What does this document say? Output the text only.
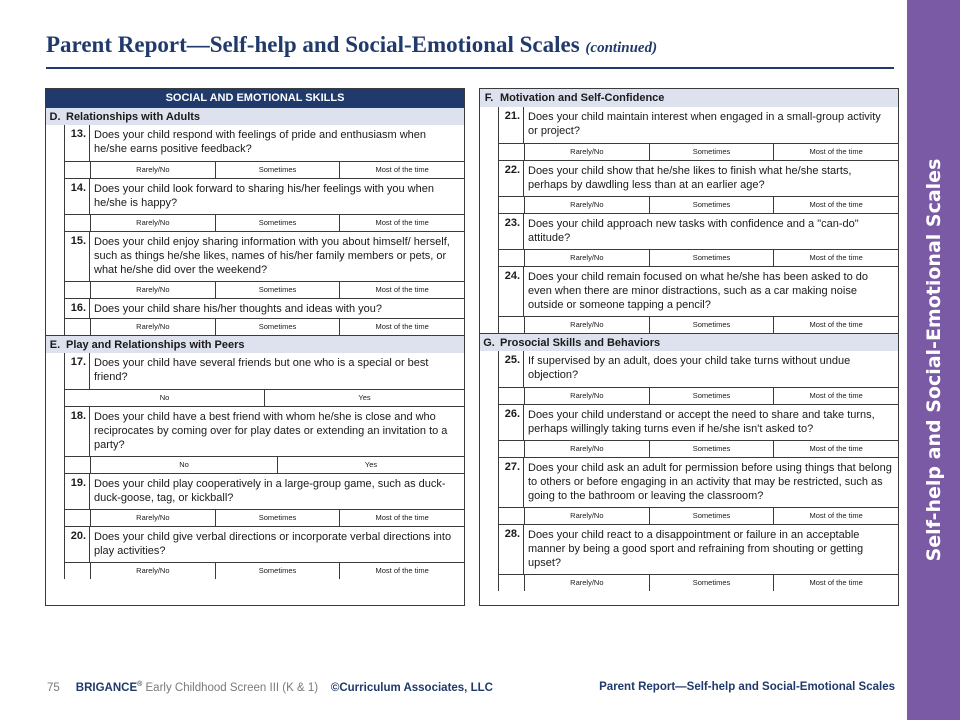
Parent Report—Self-help and Social-Emotional Scales (continued)
Self-help and Social-Emotional Scales
SOCIAL AND EMOTIONAL SKILLS
D. Relationships with Adults
13. Does your child respond with feelings of pride and enthusiasm when he/she earns positive feedback?
Rarely/No	Sometimes	Most of the time
14. Does your child look forward to sharing his/her feelings with you when he/she is happy?
Rarely/No	Sometimes	Most of the time
15. Does your child enjoy sharing information with you about himself/ herself, such as things he/she likes, names of his/her family members or pets, or what he/she did over the weekend?
Rarely/No	Sometimes	Most of the time
16. Does your child share his/her thoughts and ideas with you?
Rarely/No	Sometimes	Most of the time
E. Play and Relationships with Peers
17. Does your child have several friends but one who is a special or best friend?
No	Yes
18. Does your child have a best friend with whom he/she is close and who reciprocates by coming over for play dates or extending an invitation to a party?
No	Yes
19. Does your child play cooperatively in a large-group game, such as duck-duck-goose, tag, or kickball?
Rarely/No	Sometimes	Most of the time
20. Does your child give verbal directions or incorporate verbal directions into play activities?
Rarely/No	Sometimes	Most of the time
F. Motivation and Self-Confidence
21. Does your child maintain interest when engaged in a small-group activity or project?
Rarely/No	Sometimes	Most of the time
22. Does your child show that he/she likes to finish what he/she starts, perhaps by dawdling less than at an earlier age?
Rarely/No	Sometimes	Most of the time
23. Does your child approach new tasks with confidence and a "can-do" attitude?
Rarely/No	Sometimes	Most of the time
24. Does your child remain focused on what he/she has been asked to do even when there are minor distractions, such as a car making noise outside or someone tapping a pencil?
Rarely/No	Sometimes	Most of the time
G. Prosocial Skills and Behaviors
25. If supervised by an adult, does your child take turns without undue objection?
Rarely/No	Sometimes	Most of the time
26. Does your child understand or accept the need to share and take turns, perhaps willingly taking turns even if he/she isn't asked to?
Rarely/No	Sometimes	Most of the time
27. Does your child ask an adult for permission before using things that belong to others or before engaging in an activity that may be restricted, such as going to the bathroom or leaving the classroom?
Rarely/No	Sometimes	Most of the time
28. Does your child react to a disappointment or failure in an acceptable manner by being a good sport and refraining from shouting or getting upset?
Rarely/No	Sometimes	Most of the time
75 BRIGANCE® Early Childhood Screen III (K & 1) ©Curriculum Associates, LLC	Parent Report—Self-help and Social-Emotional Scales
